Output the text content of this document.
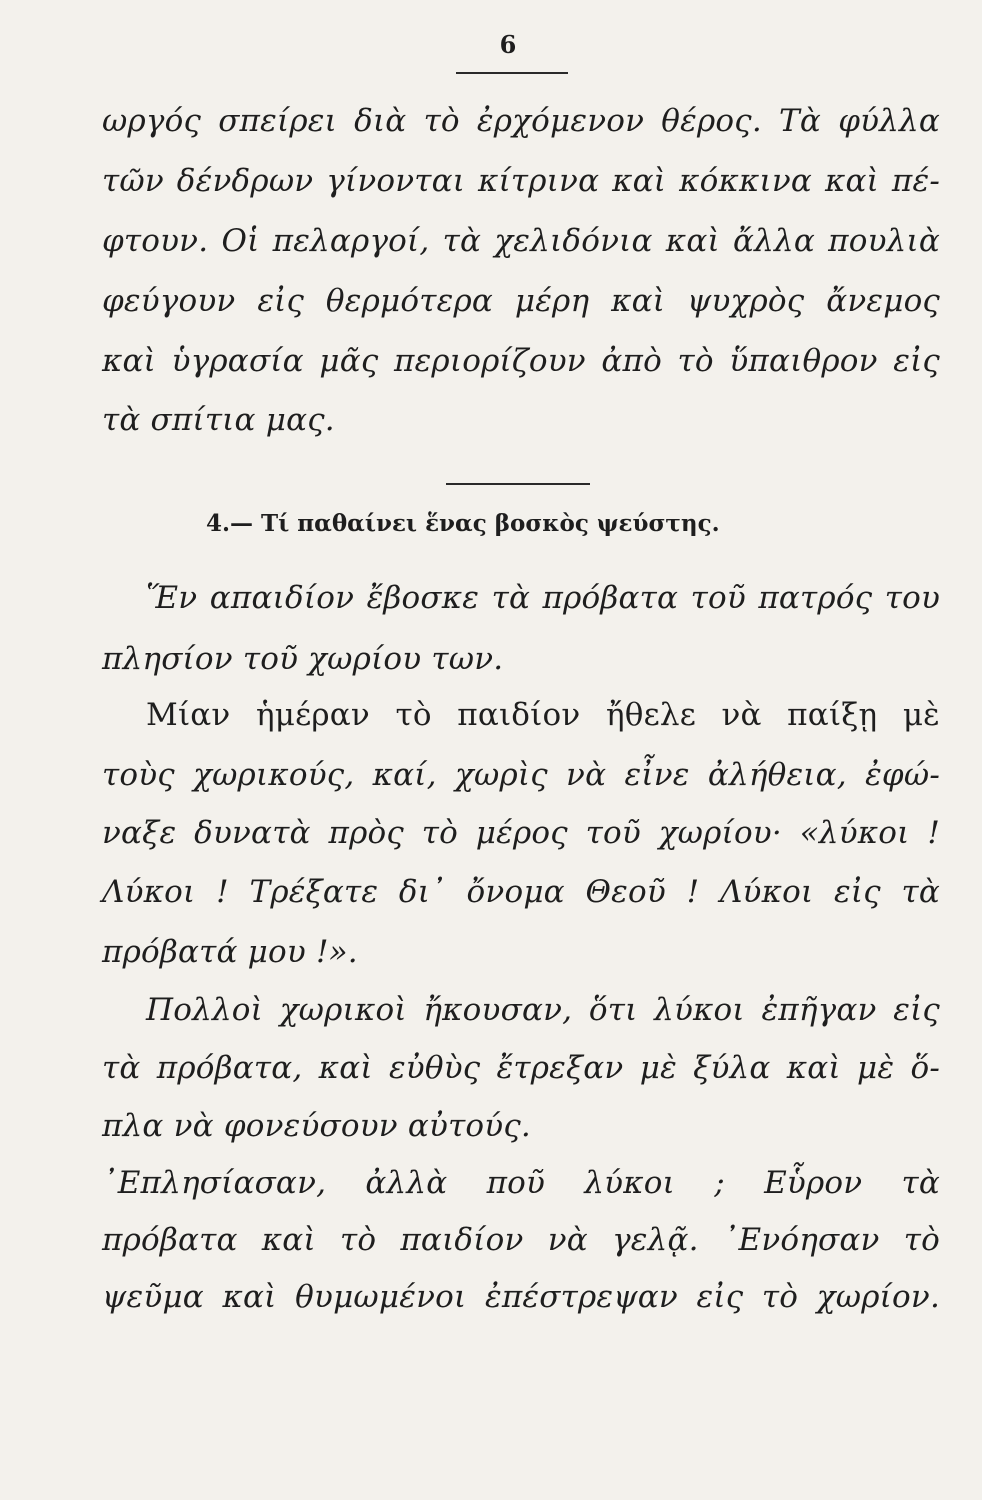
6
ωργός σπείρει διὰ τὸ ἐρχόμενον θέρος. Τὰ φύλλα
τῶν δένδρων γίνονται κίτρινα καὶ κόκκινα καὶ πέ-
φτουν. Οἱ πελαργοί, τὰ χελιδόνια καὶ ἄλλα πουλιὰ
φεύγουν εἰς θερμότερα μέρη καὶ ψυχρὸς ἄνεμος
καὶ ὑγρασία μᾶς περιορίζουν ἀπὸ τὸ ὕπαιθρον εἰς
τὰ σπίτια μας.
4.— Τί παθαίνει ἕνας βοσκὸς ψεύστης.
Ἕν απαιδίον ἔβοσκε τὰ πρόβατα τοῦ πατρός του
πλησίον τοῦ χωρίου των.
Μίαν ἡμέραν τὸ παιδίον ἤθελε νὰ παίξῃ μὲ
τοὺς χωρικούς, καί, χωρὶς νὰ εἶνε ἀλήθεια, ἐφώ-
ναξε δυνατὰ πρὸς τὸ μέρος τοῦ χωρίου· «λύκοι !
Λύκοι ! Τρέξατε δι᾽ ὄνομα Θεοῦ ! Λύκοι εἰς τὰ
πρόβατά μου !».
Πολλοὶ χωρικοὶ ἤκουσαν, ὅτι λύκοι ἐπῆγαν εἰς
τὰ πρόβατα, καὶ εὐθὺς ἔτρεξαν μὲ ξύλα καὶ μὲ ὅ-
πλα νὰ φονεύσουν αὐτούς.
᾿Επλησίασαν, ἀλλὰ ποῦ λύκοι ; Εὗρον τὰ
πρόβατα καὶ τὸ παιδίον νὰ γελᾷ. ᾿Ενόησαν τὸ
ψεῦμα καὶ θυμωμένοι ἐπέστρεψαν εἰς τὸ χωρίον.
